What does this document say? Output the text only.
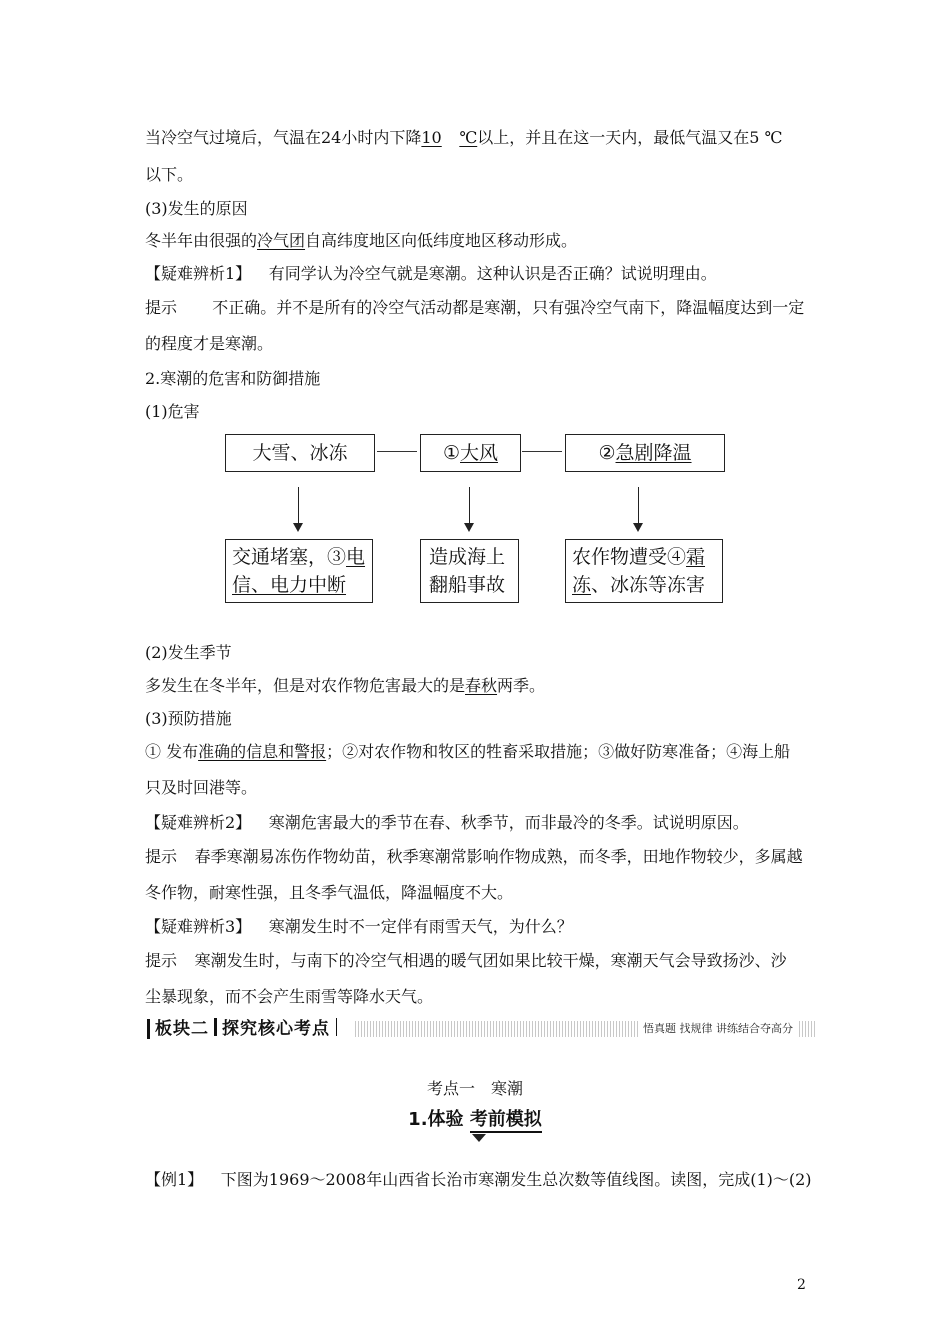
当冷空气过境后，气温在24小时内下降10 ℃以上，并且在这一天内，最低气温又在5 ℃
以下。
(3)发生的原因
冬半年由很强的冷气团自高纬度地区向低纬度地区移动形成。
【疑难辨析1】 有同学认为冷空气就是寒潮。这种认识是否正确？试说明理由。
提示 不正确。并不是所有的冷空气活动都是寒潮，只有强冷空气南下，降温幅度达到一定
的程度才是寒潮。
2.寒潮的危害和防御措施
(1)危害
大雪、冰冻	① 大风	② 急剧降温
交通堵塞，③电
信、电力中断
造成海上
翻船事故
农作物遭受④霜
冻、冰冻等冻害
(2)发生季节
多发生在冬半年，但是对农作物危害最大的是春秋两季。
(3)预防措施
① 发布准确的信息和警报；②对农作物和牧区的牲畜采取措施；③做好防寒准备；④海上船
只及时回港等。
【疑难辨析2】 寒潮危害最大的季节在春、秋季节，而非最冷的冬季。试说明原因。
提示 春季寒潮易冻伤作物幼苗，秋季寒潮常影响作物成熟，而冬季，田地作物较少，多属越
冬作物，耐寒性强，且冬季气温低，降温幅度不大。
【疑难辨析3】 寒潮发生时不一定伴有雨雪天气，为什么？
提示 寒潮发生时，与南下的冷空气相遇的暖气团如果比较干燥，寒潮天气会导致扬沙、沙
尘暴现象，而不会产生雨雪等降水天气。
板块二 探究核心考点	悟真题 找规律 讲练结合夺高分
考点一　寒潮
1.体验 考前模拟
【例1】 下图为1969～2008年山西省长治市寒潮发生总次数等值线图。读图，完成(1)～(2)
2
